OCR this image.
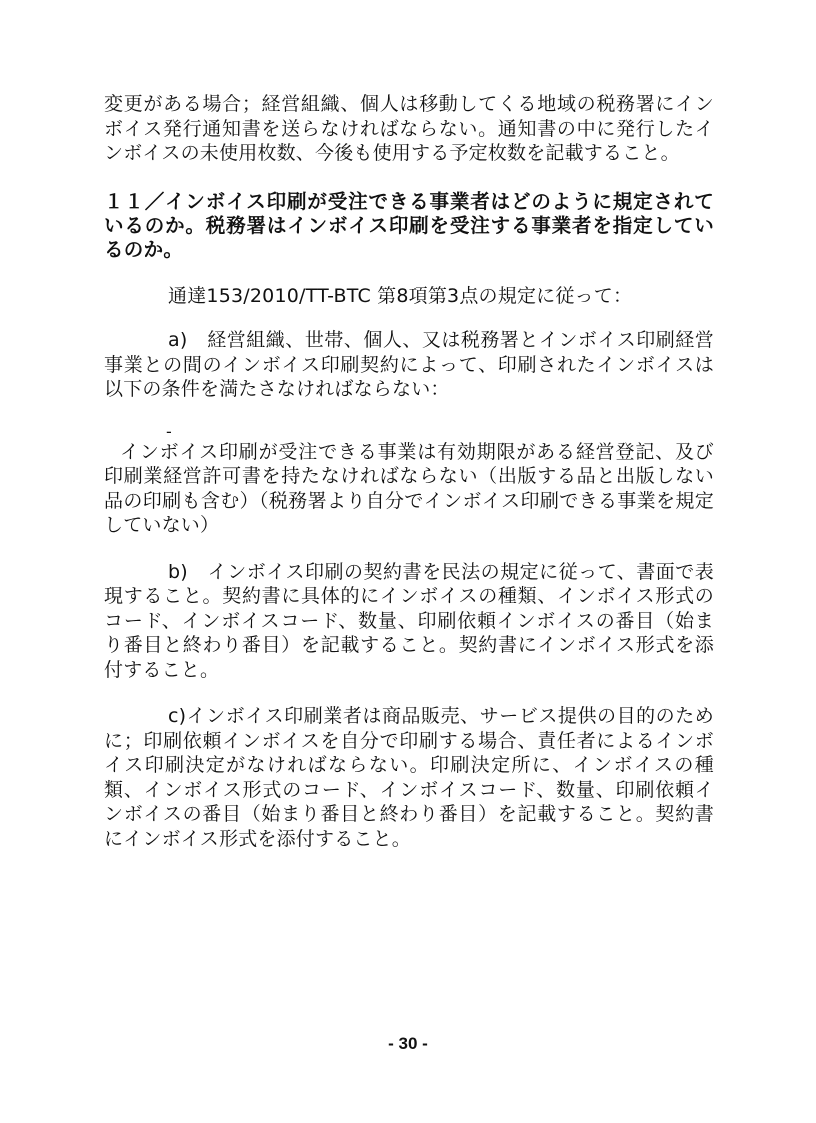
変更がある場合；経営組織、個人は移動してくる地域の税務署にインボイス発行通知書を送らなければならない。通知書の中に発行したインボイスの未使用枚数、今後も使用する予定枚数を記載すること。

１１／インボイス印刷が受注できる事業者はどのように規定されているのか。税務署はインボイス印刷を受注する事業者を指定しているのか。

通達153/2010/TT-BTC 第8項第3点の規定に従って：

a)　経営組織、世帯、個人、又は税務署とインボイス印刷経営事業との間のインボイス印刷契約によって、印刷されたインボイスは以下の条件を満たさなければならない：

-

インボイス印刷が受注できる事業は有効期限がある経営登記、及び印刷業経営許可書を持たなければならない（出版する品と出版しない品の印刷も含む）（税務署より自分でインボイス印刷できる事業を規定していない）

b)　インボイス印刷の契約書を民法の規定に従って、書面で表現すること。契約書に具体的にインボイスの種類、インボイス形式のコード、インボイスコード、数量、印刷依頼インボイスの番目（始まり番目と終わり番目）を記載すること。契約書にインボイス形式を添付すること。

c)インボイス印刷業者は商品販売、サービス提供の目的のために；印刷依頼インボイスを自分で印刷する場合、責任者によるインボイス印刷決定がなければならない。印刷決定所に、インボイスの種類、インボイス形式のコード、インボイスコード、数量、印刷依頼インボイスの番目（始まり番目と終わり番目）を記載すること。契約書にインボイス形式を添付すること。

- 30 -
